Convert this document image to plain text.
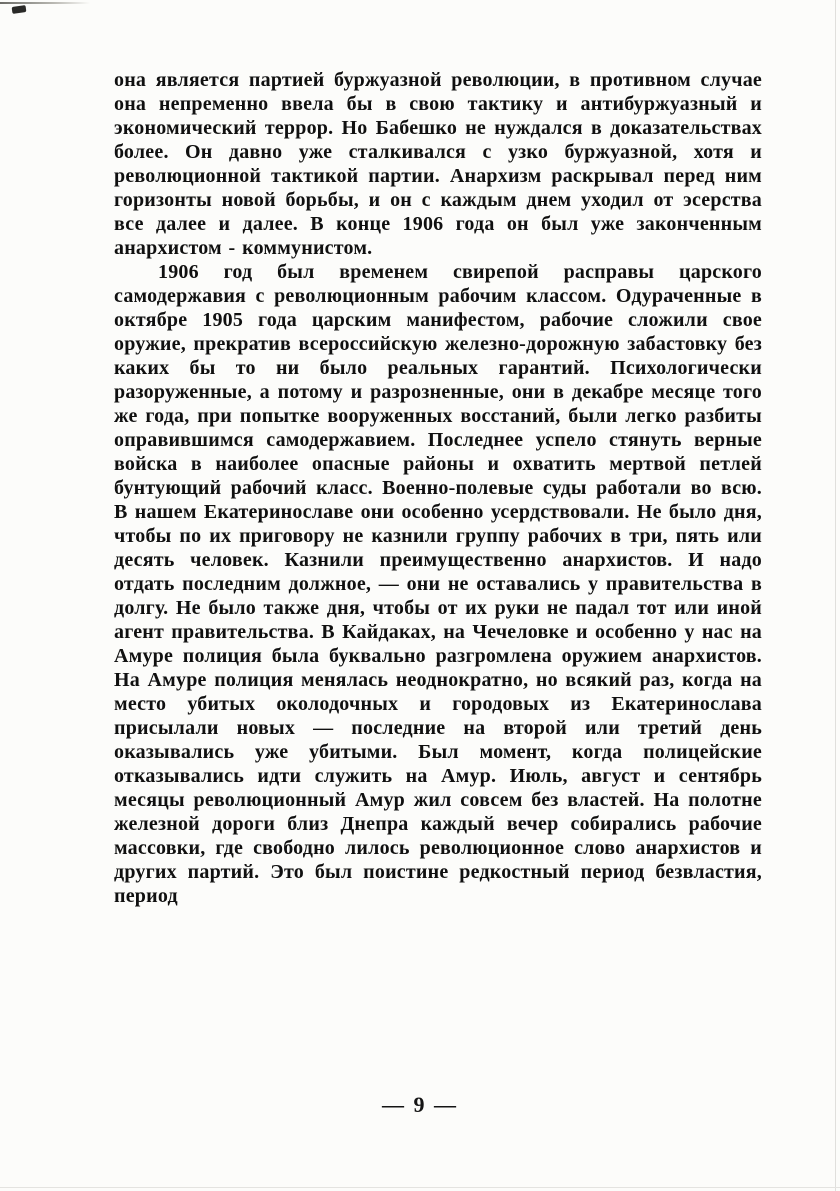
она является партией буржуазной революции, в противном случае она непременно ввела бы в свою тактику и антибуржуазный и экономический террор. Но Бабешко не нуждался в доказательствах более. Он давно уже сталкивался с узко буржуазной, хотя и революционной тактикой партии. Анархизм раскрывал перед ним горизонты новой борьбы, и он с каждым днем уходил от эсерства все далее и далее. В конце 1906 года он был уже законченным анархистом - коммунистом.

1906 год был временем свирепой расправы царского самодержавия с революционным рабочим классом. Одураченные в октябре 1905 года царским манифестом, рабочие сложили свое оружие, прекратив всероссийскую железно-дорожную забастовку без каких бы то ни было реальных гарантий. Психологически разоруженные, а потому и разрозненные, они в декабре месяце того же года, при попытке вооруженных восстаний, были легко разбиты оправившимся самодержавием. Последнее успело стянуть верные войска в наиболее опасные районы и охватить мертвой петлей бунтующий рабочий класс. Военно-полевые суды работали во всю. В нашем Екатеринославе они особенно усердствовали. Не было дня, чтобы по их приговору не казнили группу рабочих в три, пять или десять человек. Казнили преимущественно анархистов. И надо отдать последним должное, — они не оставались у правительства в долгу. Не было также дня, чтобы от их руки не падал тот или иной агент правительства. В Кайдаках, на Чечеловке и особенно у нас на Амуре полиция была буквально разгромлена оружием анархистов. На Амуре полиция менялась неоднократно, но всякий раз, когда на место убитых околодочных и городовых из Екатеринослава присылали новых — последние на второй или третий день оказывались уже убитыми. Был момент, когда полицейские отказывались идти служить на Амур. Июль, август и сентябрь месяцы революционный Амур жил совсем без властей. На полотне железной дороги близ Днепра каждый вечер собирались рабочие массовки, где свободно лилось революционное слово анархистов и других партий. Это был поистине редкостный период безвластия, период

— 9 —
